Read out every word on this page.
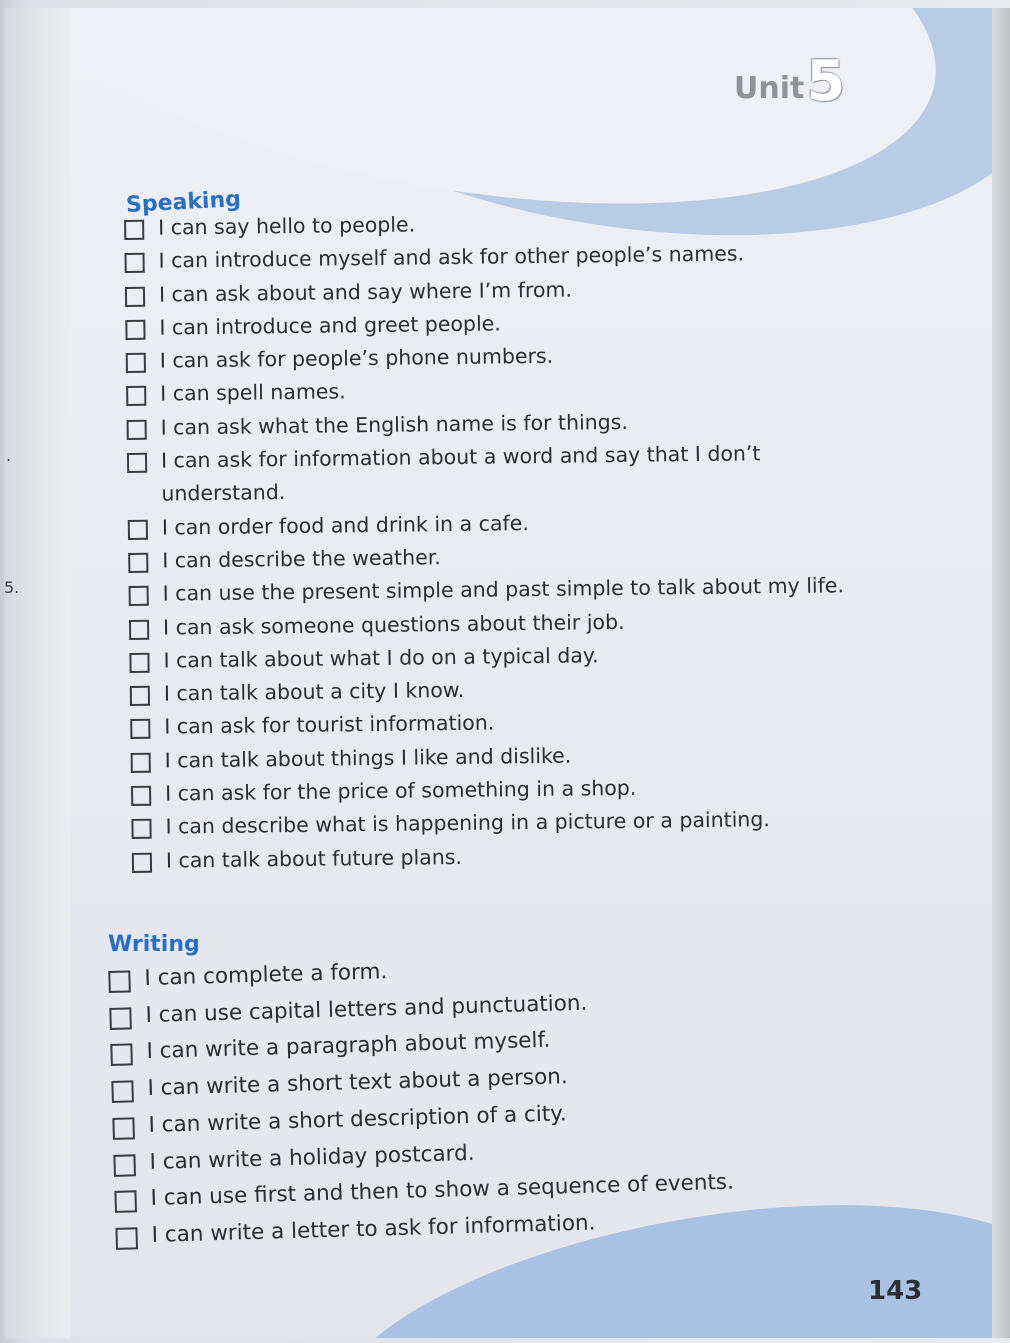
Unit 5
.
5.
Speaking
I can say hello to people.
I can introduce myself and ask for other people’s names.
I can ask about and say where I’m from.
I can introduce and greet people.
I can ask for people’s phone numbers.
I can spell names.
I can ask what the English name is for things.
I can ask for information about a word and say that I don’t understand.
I can order food and drink in a cafe.
I can describe the weather.
I can use the present simple and past simple to talk about my life.
I can ask someone questions about their job.
I can talk about what I do on a typical day.
I can talk about a city I know.
I can ask for tourist information.
I can talk about things I like and dislike.
I can ask for the price of something in a shop.
I can describe what is happening in a picture or a painting.
I can talk about future plans.
Writing
I can complete a form.
I can use capital letters and punctuation.
I can write a paragraph about myself.
I can write a short text about a person.
I can write a short description of a city.
I can write a holiday postcard.
I can use first and then to show a sequence of events.
I can write a letter to ask for information.
143
